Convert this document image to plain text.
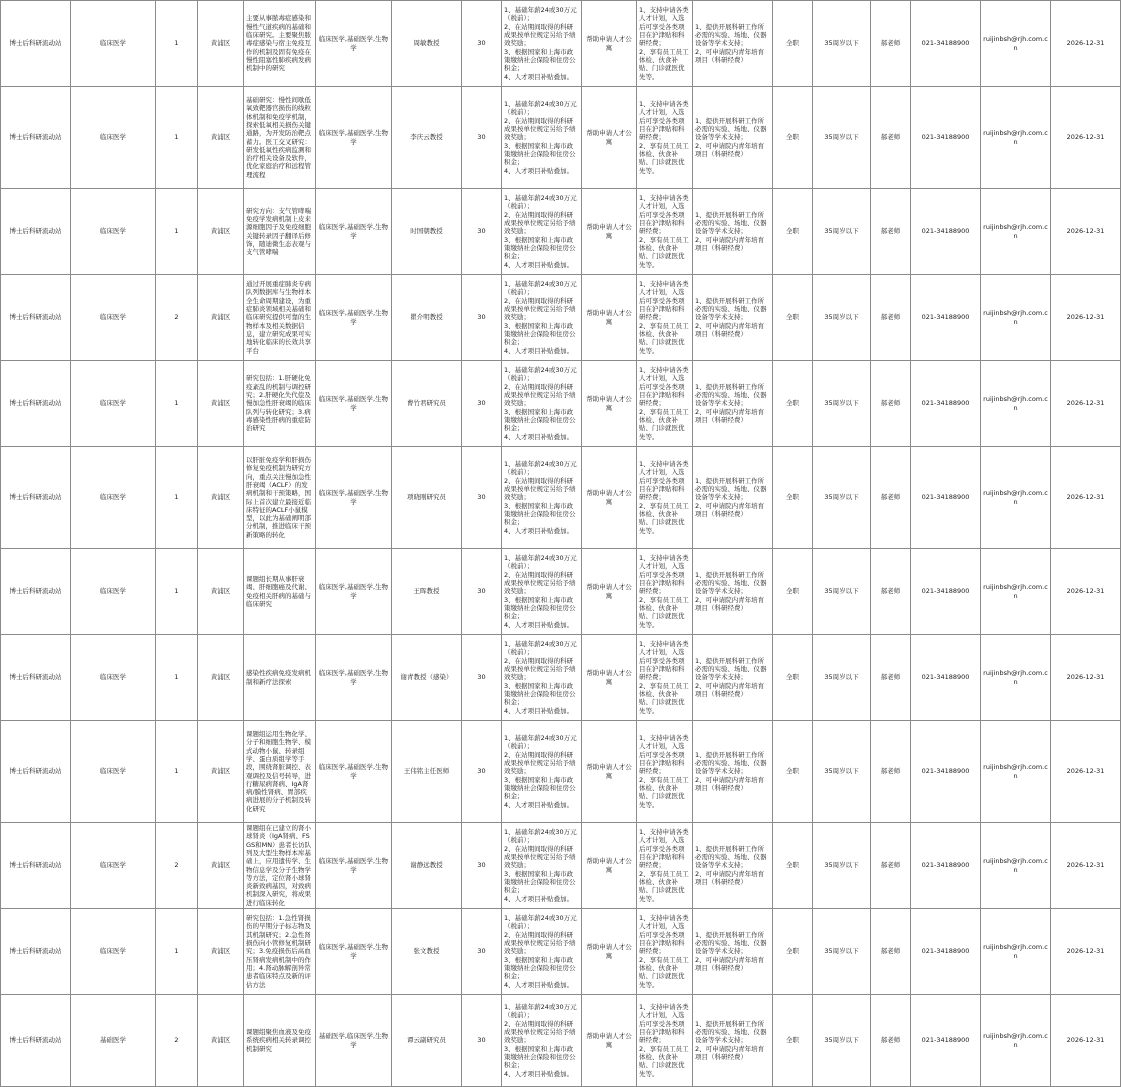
博士后科研流动站	临床医学	1	黄浦区	主要从事脓毒症感染和慢性气道疾病的基础和临床研究。主要聚焦脓毒症感染与宿主免疫互作的机制及固有免疫在慢性阻塞性肺疾病发病机制中的研究	临床医学,基础医学,生物学	周敏教授	30	1、基础年薪24或30万元（税前）；
2、在站期间取得的科研成果按单位规定另给予绩效奖励；
3、根据国家和上海市政策缴纳社会保险和住房公积金；
4、人才项目补贴叠加。	帮助申请人才公寓	1、支持申请各类人才计划，入选后可享受各类项目在沪津贴和科研经费；
2、享有员工员工体检、伙食补贴、门诊就医优先等。	1、提供开展科研工作所必需的实验、场地、仪器设备等学术支持；
2、可申请院内青年培育项目（科研经费）	全职	35周岁以下	郝老师	021-34188900	ruijinbsh@rjh.com.cn	2026-12-31

博士后科研流动站	临床医学	1	黄浦区	基础研究：慢性间歇低氧致靶器官损伤的线粒体机制和免疫学机制，探索低氧相关损伤关键通路，为开发防治靶点蓄力。医工交叉研究：研发低氧性疾病监测和治疗相关设备及软件，优化家庭治疗和远程管理流程	临床医学,基础医学,生物学	李庆云教授	30	1、基础年薪24或30万元（税前）；
2、在站期间取得的科研成果按单位规定另给予绩效奖励；
3、根据国家和上海市政策缴纳社会保险和住房公积金；
4、人才项目补贴叠加。	帮助申请人才公寓	1、支持申请各类人才计划，入选后可享受各类项目在沪津贴和科研经费；
2、享有员工员工体检、伙食补贴、门诊就医优先等。	1、提供开展科研工作所必需的实验、场地、仪器设备等学术支持；
2、可申请院内青年培育项目（科研经费）	全职	35周岁以下	郝老师	021-34188900	ruijinbsh@rjh.com.cn	2026-12-31

博士后科研流动站	临床医学	1	黄浦区	研究方向：支气管哮喘免疫学发病机制上皮来源细胞因子及免疫细胞关键转录因子翻译后修饰，随迪微生态表观与支气管哮喘	临床医学,基础医学,生物学	时国朝教授	30	1、基础年薪24或30万元（税前）；
2、在站期间取得的科研成果按单位规定另给予绩效奖励；
3、根据国家和上海市政策缴纳社会保险和住房公积金；
4、人才项目补贴叠加。	帮助申请人才公寓	1、支持申请各类人才计划，入选后可享受各类项目在沪津贴和科研经费；
2、享有员工员工体检、伙食补贴、门诊就医优先等。	1、提供开展科研工作所必需的实验、场地、仪器设备等学术支持；
2、可申请院内青年培育项目（科研经费）	全职	35周岁以下	郝老师	021-34188900	ruijinbsh@rjh.com.cn	2026-12-31

博士后科研流动站	临床医学	2	黄浦区	通过开展重症肺炎专病队列数据库与生物样本全生命周期建设，为重症肺炎领域相关基础和临床研究提供可靠的生物样本及相关数据信息，建立研究成果可实地转化临床的长效共享平台	临床医学,基础医学,生物学	瞿介明教授	30	1、基础年薪24或30万元（税前）；
2、在站期间取得的科研成果按单位规定另给予绩效奖励；
3、根据国家和上海市政策缴纳社会保险和住房公积金；
4、人才项目补贴叠加。	帮助申请人才公寓	1、支持申请各类人才计划，入选后可享受各类项目在沪津贴和科研经费；
2、享有员工员工体检、伙食补贴、门诊就医优先等。	1、提供开展科研工作所必需的实验、场地、仪器设备等学术支持；
2、可申请院内青年培育项目（科研经费）	全职	35周岁以下	郝老师	021-34188900	ruijinbsh@rjh.com.cn	2026-12-31

博士后科研流动站	临床医学	1	黄浦区	研究包括：1.肝硬化免疫紊乱的机制与调控研究；2.肝硬化失代偿及慢加急性肝衰竭的临床队列与转化研究；3.病毒感染性肝病的重症防治研究	临床医学,基础医学,生物学	曹竹君研究员	30	1、基础年薪24或30万元（税前）；
2、在站期间取得的科研成果按单位规定另给予绩效奖励；
3、根据国家和上海市政策缴纳社会保险和住房公积金；
4、人才项目补贴叠加。	帮助申请人才公寓	1、支持申请各类人才计划，入选后可享受各类项目在沪津贴和科研经费；
2、享有员工员工体检、伙食补贴、门诊就医优先等。	1、提供开展科研工作所必需的实验、场地、仪器设备等学术支持；
2、可申请院内青年培育项目（科研经费）	全职	35周岁以下	郝老师	021-34188900	ruijinbsh@rjh.com.cn	2026-12-31

博士后科研流动站	临床医学	1	黄浦区	以肝脏免疫学和肝损伤修复免疫机制为研究方向，重点关注慢加急性肝衰竭（ACLF）的发病机制和干预策略，国际上首次建立最接近临床特征的ACLF小鼠模型，以此为基础阐明部分机制，推进临床干预新策略的转化	临床医学,基础医学,生物学	项晓刚研究员	30	1、基础年薪24或30万元（税前）；
2、在站期间取得的科研成果按单位规定另给予绩效奖励；
3、根据国家和上海市政策缴纳社会保险和住房公积金；
4、人才项目补贴叠加。	帮助申请人才公寓	1、支持申请各类人才计划，入选后可享受各类项目在沪津贴和科研经费；
2、享有员工员工体检、伙食补贴、门诊就医优先等。	1、提供开展科研工作所必需的实验、场地、仪器设备等学术支持；
2、可申请院内青年培育项目（科研经费）	全职	35周岁以下	郝老师	021-34188900	ruijinbsh@rjh.com.cn	2026-12-31

博士后科研流动站	临床医学	1	黄浦区	课题组长期从事肝衰竭、肝细胞癌及代谢、免疫相关肝病的基础与临床研究	临床医学,基础医学,生物学	王晖教授	30	1、基础年薪24或30万元（税前）；
2、在站期间取得的科研成果按单位规定另给予绩效奖励；
3、根据国家和上海市政策缴纳社会保险和住房公积金；
4、人才项目补贴叠加。	帮助申请人才公寓	1、支持申请各类人才计划，入选后可享受各类项目在沪津贴和科研经费；
2、享有员工员工体检、伙食补贴、门诊就医优先等。	1、提供开展科研工作所必需的实验、场地、仪器设备等学术支持；
2、可申请院内青年培育项目（科研经费）	全职	35周岁以下	郝老师	021-34188900	ruijinbsh@rjh.com.cn	2026-12-31

博士后科研流动站	临床医学	1	黄浦区	感染性疾病免疫发病机制和新疗法探索	临床医学,基础医学,生物学	谢青教授（感染）	30	1、基础年薪24或30万元（税前）；
2、在站期间取得的科研成果按单位规定另给予绩效奖励；
3、根据国家和上海市政策缴纳社会保险和住房公积金；
4、人才项目补贴叠加。	帮助申请人才公寓	1、支持申请各类人才计划，入选后可享受各类项目在沪津贴和科研经费；
2、享有员工员工体检、伙食补贴、门诊就医优先等。	1、提供开展科研工作所必需的实验、场地、仪器设备等学术支持；
2、可申请院内青年培育项目（科研经费）	全职	35周岁以下	郝老师	021-34188900	ruijinbsh@rjh.com.cn	2026-12-31

博士后科研流动站	临床医学	1	黄浦区	课题组运用生物化学、分子和细胞生物学、模式动物小鼠、转录组学、蛋白质组学等手段，围绕肾脏调控、表观调控及信号转导，进行糖尿病肾病、IgA肾病/膜性肾病、胃部疾病进展的分子机制及转化研究	临床医学,基础医学,生物学	王伟铭主任医师	30	1、基础年薪24或30万元（税前）；
2、在站期间取得的科研成果按单位规定另给予绩效奖励；
3、根据国家和上海市政策缴纳社会保险和住房公积金；
4、人才项目补贴叠加。	帮助申请人才公寓	1、支持申请各类人才计划，入选后可享受各类项目在沪津贴和科研经费；
2、享有员工员工体检、伙食补贴、门诊就医优先等。	1、提供开展科研工作所必需的实验、场地、仪器设备等学术支持；
2、可申请院内青年培育项目（科研经费）	全职	35周岁以下	郝老师	021-34188900	ruijinbsh@rjh.com.cn	2026-12-31

博士后科研流动站	临床医学	2	黄浦区	课题组在已建立的肾小球肾炎（IgA肾病、FSGS和MN）患者长访队列及大型生物样本库基础上，应用遗传学、生物信息学及分子生物学等方法，定位肾小球肾炎新致病基因，对致病机制深入研究，将成果进行临床转化	临床医学,基础医学,生物学	谢静远教授	30	1、基础年薪24或30万元（税前）；
2、在站期间取得的科研成果按单位规定另给予绩效奖励；
3、根据国家和上海市政策缴纳社会保险和住房公积金；
4、人才项目补贴叠加。	帮助申请人才公寓	1、支持申请各类人才计划，入选后可享受各类项目在沪津贴和科研经费；
2、享有员工员工体检、伙食补贴、门诊就医优先等。	1、提供开展科研工作所必需的实验、场地、仪器设备等学术支持；
2、可申请院内青年培育项目（科研经费）	全职	35周岁以下	郝老师	021-34188900	ruijinbsh@rjh.com.cn	2026-12-31

博士后科研流动站	临床医学	1	黄浦区	研究包括：1.急性肾损伤的早期分子标志物及其机制研究；2.急性肾损伤向小管修复机制研究；3.免疫损伤后高血压肾病发病机制中的作用；4.肾动脉解剖异常患者临床特点及新的评估方法	临床医学,基础医学,生物学	张文教授	30	1、基础年薪24或30万元（税前）；
2、在站期间取得的科研成果按单位规定另给予绩效奖励；
3、根据国家和上海市政策缴纳社会保险和住房公积金；
4、人才项目补贴叠加。	帮助申请人才公寓	1、支持申请各类人才计划，入选后可享受各类项目在沪津贴和科研经费；
2、享有员工员工体检、伙食补贴、门诊就医优先等。	1、提供开展科研工作所必需的实验、场地、仪器设备等学术支持；
2、可申请院内青年培育项目（科研经费）	全职	35周岁以下	郝老师	021-34188900	ruijinbsh@rjh.com.cn	2026-12-31

博士后科研流动站	基础医学	2	黄浦区	课题组聚焦血液及免疫系统疾病相关转录调控机制研究	基础医学,临床医学,生物学	谭云副研究员	30	1、基础年薪24或30万元（税前）；
2、在站期间取得的科研成果按单位规定另给予绩效奖励；
3、根据国家和上海市政策缴纳社会保险和住房公积金；
4、人才项目补贴叠加。	帮助申请人才公寓	1、支持申请各类人才计划，入选后可享受各类项目在沪津贴和科研经费；
2、享有员工员工体检、伙食补贴、门诊就医优先等。	1、提供开展科研工作所必需的实验、场地、仪器设备等学术支持；
2、可申请院内青年培育项目（科研经费）	全职	35周岁以下	郝老师	021-34188900	ruijinbsh@rjh.com.cn	2026-12-31
